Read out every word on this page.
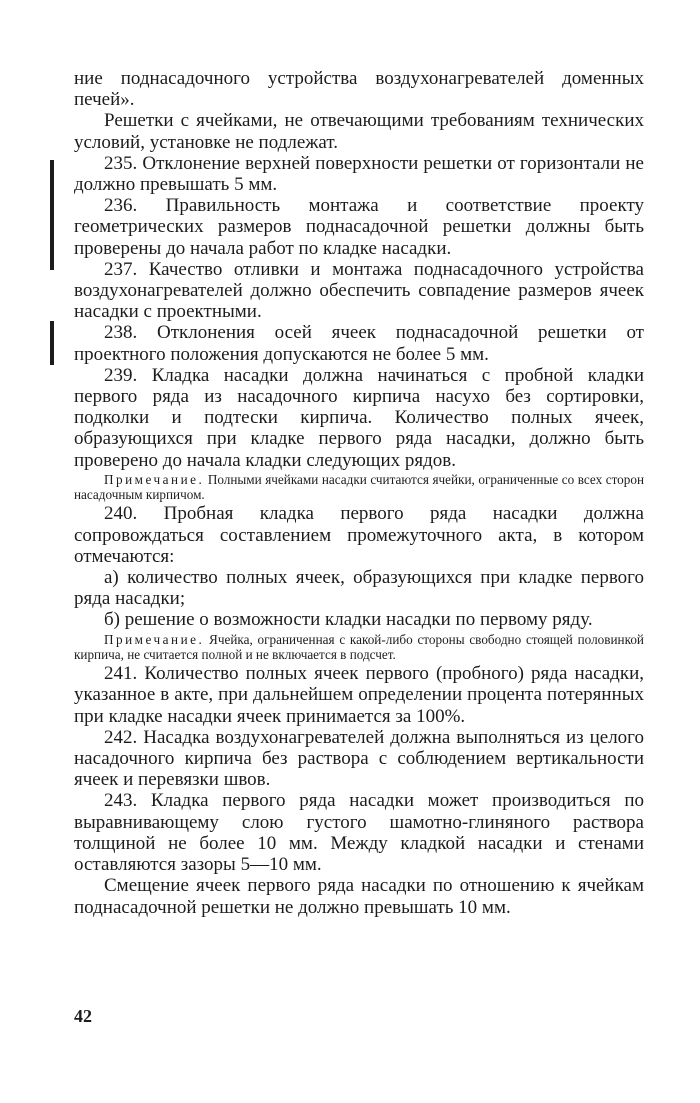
ние поднасадочного устройства воздухонагревателей доменных печей».

Решетки с ячейками, не отвечающими требованиям технических условий, установке не подлежат.

235. Отклонение верхней поверхности решетки от горизонтали не должно превышать 5 мм.

236. Правильность монтажа и соответствие проекту геометрических размеров поднасадочной решетки должны быть проверены до начала работ по кладке насадки.

237. Качество отливки и монтажа поднасадочного устройства воздухонагревателей должно обеспечить совпадение размеров ячеек насадки с проектными.

238. Отклонения осей ячеек поднасадочной решетки от проектного положения допускаются не более 5 мм.

239. Кладка насадки должна начинаться с пробной кладки первого ряда из насадочного кирпича насухо без сортировки, подколки и подтески кирпича. Количество полных ячеек, образующихся при кладке первого ряда насадки, должно быть проверено до начала кладки следующих рядов.

Примечание. Полными ячейками насадки считаются ячейки, ограниченные со всех сторон насадочным кирпичом.

240. Пробная кладка первого ряда насадки должна сопровождаться составлением промежуточного акта, в котором отмечаются:

а) количество полных ячеек, образующихся при кладке первого ряда насадки;

б) решение о возможности кладки насадки по первому ряду.

Примечание. Ячейка, ограниченная с какой-либо стороны свободно стоящей половинкой кирпича, не считается полной и не включается в подсчет.

241. Количество полных ячеек первого (пробного) ряда насадки, указанное в акте, при дальнейшем определении процента потерянных при кладке насадки ячеек принимается за 100%.

242. Насадка воздухонагревателей должна выполняться из целого насадочного кирпича без раствора с соблюдением вертикальности ячеек и перевязки швов.

243. Кладка первого ряда насадки может производиться по выравнивающему слою густого шамотно-глиняного раствора толщиной не более 10 мм. Между кладкой насадки и стенами оставляются зазоры 5—10 мм.

Смещение ячеек первого ряда насадки по отношению к ячейкам поднасадочной решетки не должно превышать 10 мм.

42
